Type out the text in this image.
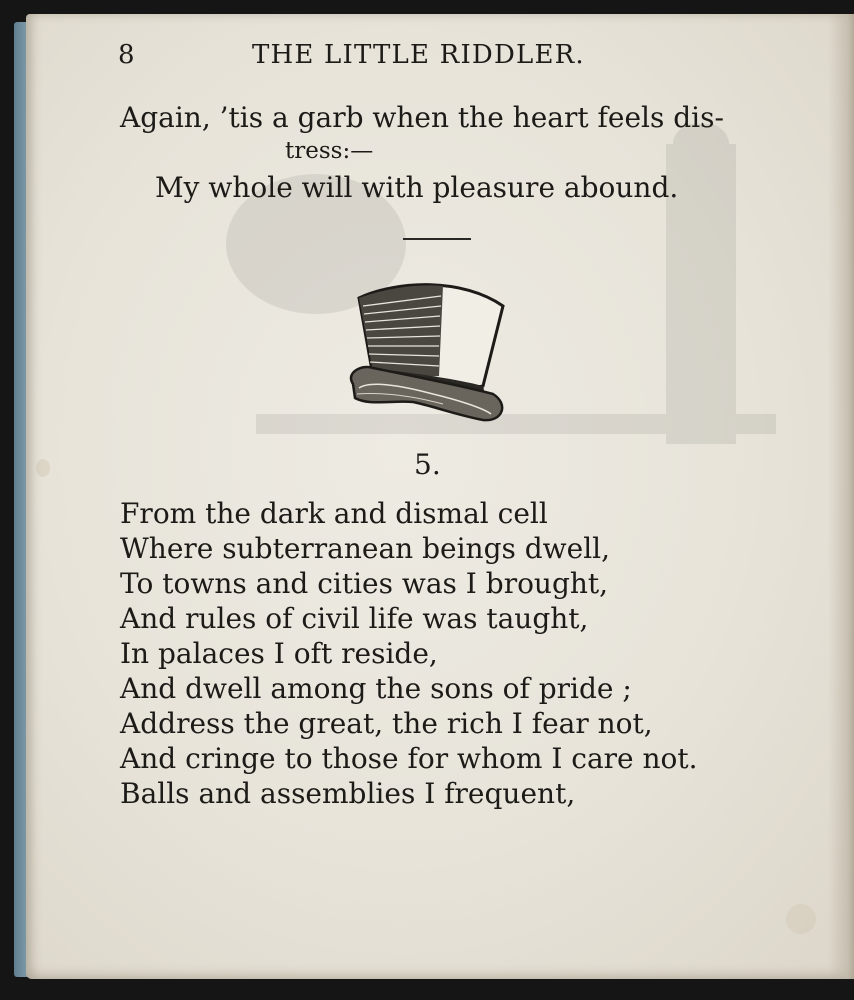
8	THE LITTLE RIDDLER.
Again, ’tis a garb when the heart feels dis-
tress:—
My whole will with pleasure abound.
5.
From the dark and dismal cell
Where subterranean beings dwell,
To towns and cities was I brought,
And rules of civil life was taught,
In palaces I oft reside,
And dwell among the sons of pride ;
Address the great, the rich I fear not,
And cringe to those for whom I care not.
Balls and assemblies I frequent,
